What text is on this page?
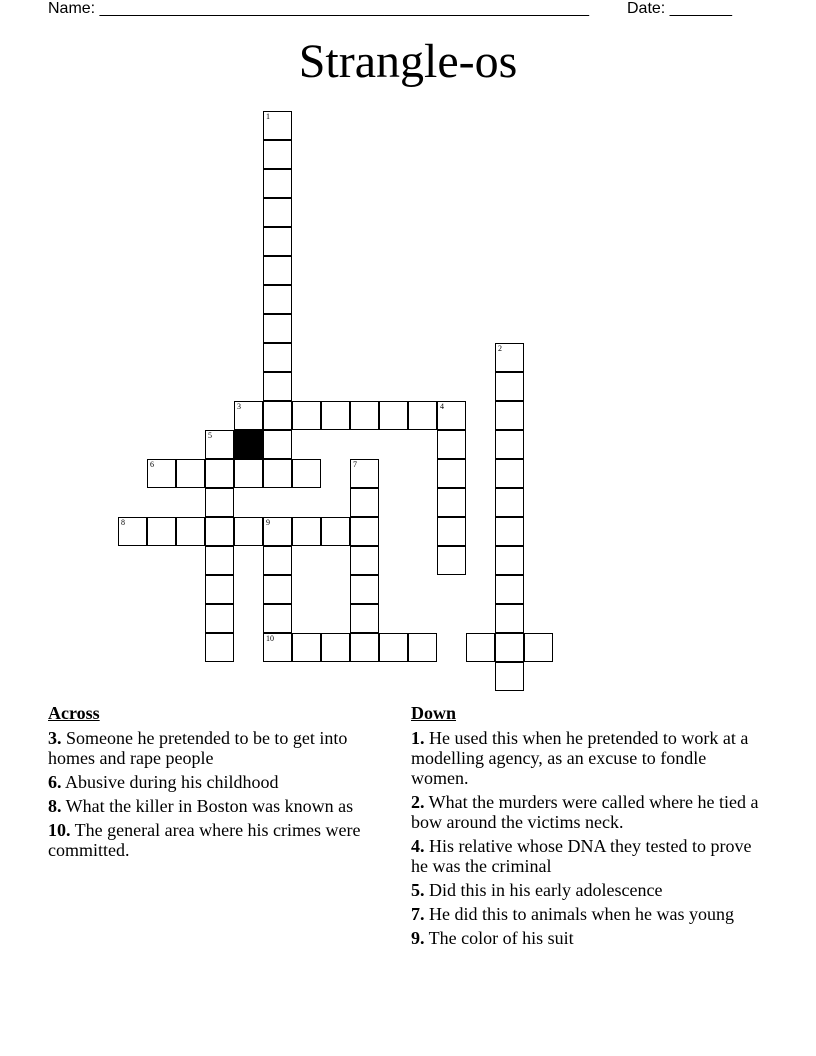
Name: _______________________________________________________ Date: _______
Strangle-os
1
4
3
5
6
8	9
7
2
10
Across
3. Someone he pretended to be to get into homes and rape people
6. Abusive during his childhood
8. What the killer in Boston was known as
10. The general area where his crimes were committed.
Down
1. He used this when he pretended to work at a modelling agency, as an excuse to fondle women.
2. What the murders were called where he tied a bow around the victims neck.
4. His relative whose DNA they tested to prove he was the criminal
5. Did this in his early adolescence
7. He did this to animals when he was young
9. The color of his suit
